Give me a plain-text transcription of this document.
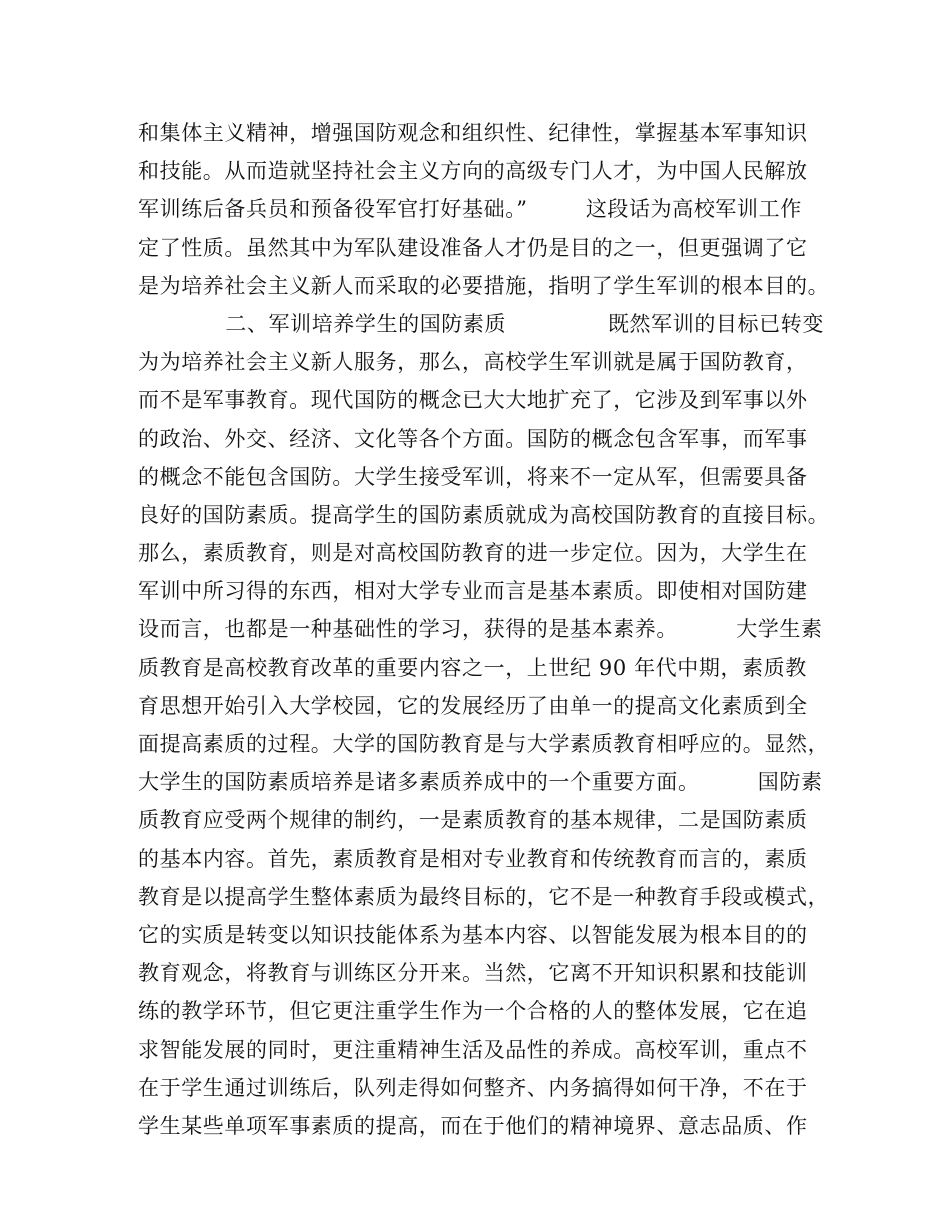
和集体主义精神，增强国防观念和组织性、纪律性，掌握基本军事知识
和技能。从而造就坚持社会主义方向的高级专门人才，为中国人民解放
军训练后备兵员和预备役军官打好基础。”        这段话为高校军训工作
定了性质。虽然其中为军队建设准备人才仍是目的之一，但更强调了它
是为培养社会主义新人而采取的必要措施，指明了学生军训的根本目的。
二、军训培养学生的国防素质              既然军训的目标已转变
为为培养社会主义新人服务，那么，高校学生军训就是属于国防教育，
而不是军事教育。现代国防的概念已大大地扩充了，它涉及到军事以外
的政治、外交、经济、文化等各个方面。国防的概念包含军事，而军事
的概念不能包含国防。大学生接受军训，将来不一定从军，但需要具备
良好的国防素质。提高学生的国防素质就成为高校国防教育的直接目标。
那么，素质教育，则是对高校国防教育的进一步定位。因为，大学生在
军训中所习得的东西，相对大学专业而言是基本素质。即使相对国防建
设而言，也都是一种基础性的学习，获得的是基本素养。        大学生素
质教育是高校教育改革的重要内容之一，上世纪 90 年代中期，素质教
育思想开始引入大学校园，它的发展经历了由单一的提高文化素质到全
面提高素质的过程。大学的国防教育是与大学素质教育相呼应的。显然，
大学生的国防素质培养是诸多素质养成中的一个重要方面。        国防素
质教育应受两个规律的制约，一是素质教育的基本规律，二是国防素质
的基本内容。首先，素质教育是相对专业教育和传统教育而言的，素质
教育是以提高学生整体素质为最终目标的，它不是一种教育手段或模式，
它的实质是转变以知识技能体系为基本内容、以智能发展为根本目的的
教育观念，将教育与训练区分开来。当然，它离不开知识积累和技能训
练的教学环节，但它更注重学生作为一个合格的人的整体发展，它在追
求智能发展的同时，更注重精神生活及品性的养成。高校军训，重点不
在于学生通过训练后，队列走得如何整齐、内务搞得如何干净，不在于
学生某些单项军事素质的提高，而在于他们的精神境界、意志品质、作
